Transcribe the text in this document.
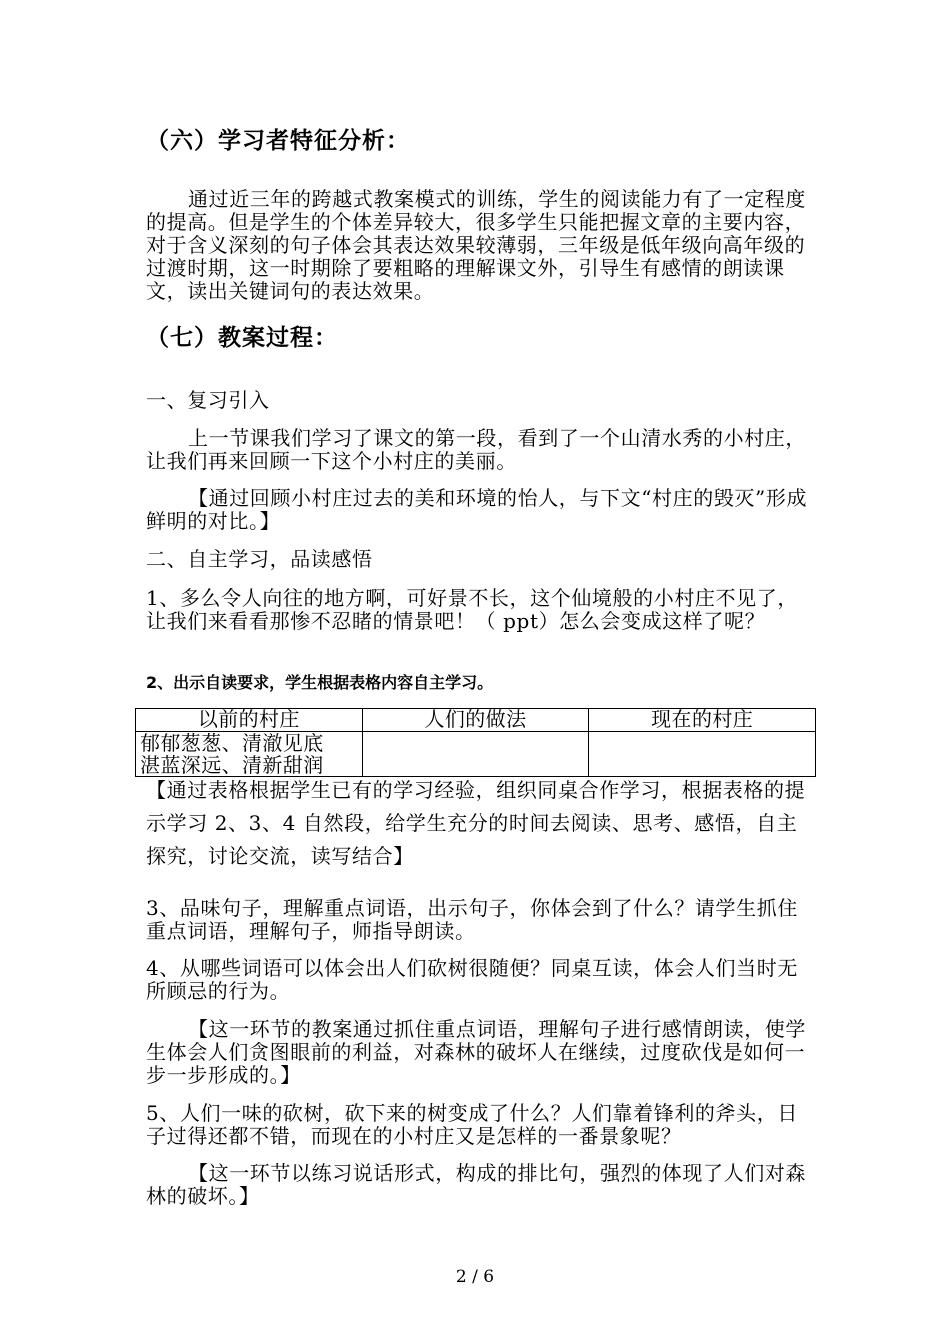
（六）学习者特征分析：
通过近三年的跨越式教案模式的训练，学生的阅读能力有了一定程度的提高。但是学生的个体差异较大，很多学生只能把握文章的主要内容，对于含义深刻的句子体会其表达效果较薄弱，三年级是低年级向高年级的过渡时期，这一时期除了要粗略的理解课文外，引导生有感情的朗读课文，读出关键词句的表达效果。
（七）教案过程：
一、复习引入
上一节课我们学习了课文的第一段，看到了一个山清水秀的小村庄，让我们再来回顾一下这个小村庄的美丽。
【通过回顾小村庄过去的美和环境的怡人，与下文“村庄的毁灭”形成鲜明的对比。】
二、自主学习，品读感悟
1、多么令人向往的地方啊，可好景不长，这个仙境般的小村庄不见了，让我们来看看那惨不忍睹的情景吧！（ ppt）怎么会变成这样了呢？
2、出示自读要求，学生根据表格内容自主学习。
以前的村庄	人们的做法	现在的村庄

郁郁葱葱、清澈见底
湛蓝深远、清新甜润		

【通过表格根据学生已有的学习经验，组织同桌合作学习，根据表格的提示学习 2、3、4 自然段，给学生充分的时间去阅读、思考、感悟，自主探究，讨论交流，读写结合】
3、品味句子，理解重点词语，出示句子，你体会到了什么？请学生抓住重点词语，理解句子，师指导朗读。
4、从哪些词语可以体会出人们砍树很随便？同桌互读，体会人们当时无所顾忌的行为。
【这一环节的教案通过抓住重点词语，理解句子进行感情朗读，使学生体会人们贪图眼前的利益，对森林的破坏人在继续，过度砍伐是如何一步一步形成的。】
5、人们一味的砍树，砍下来的树变成了什么？人们靠着锋利的斧头，日子过得还都不错，而现在的小村庄又是怎样的一番景象呢？
【这一环节以练习说话形式，构成的排比句，强烈的体现了人们对森林的破坏。】
2 / 6
